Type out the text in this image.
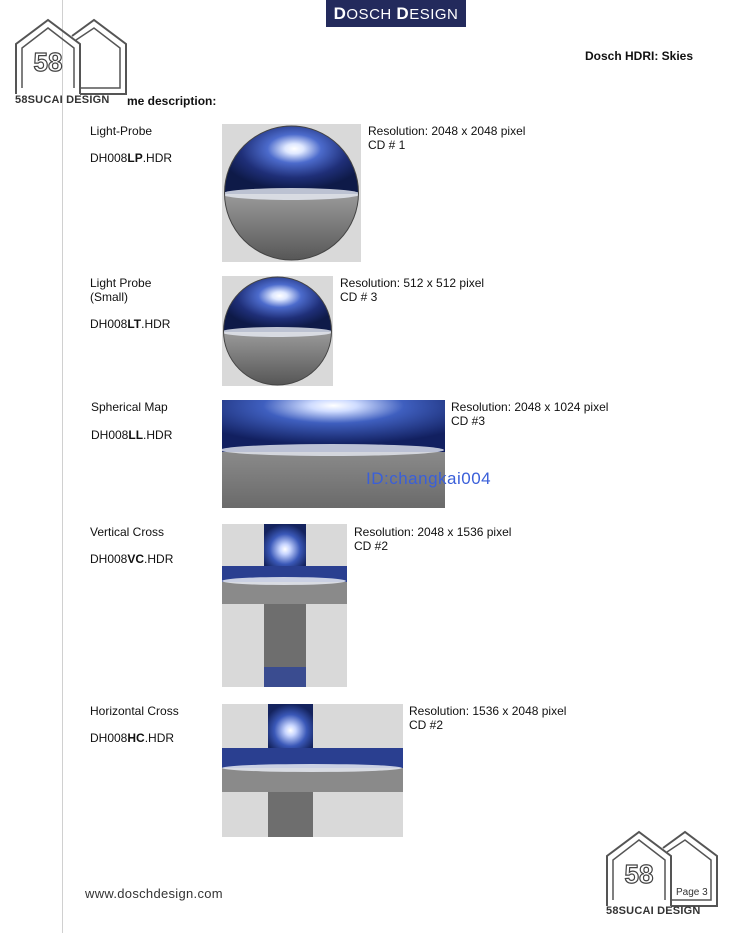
DOSCH DESIGN
Dosch HDRI: Skies
58
58SUCAI DESIGN me description:
Light-Probe
DH008LP.HDR
Resolution: 2048 x 2048 pixel
CD # 1
Light Probe
(Small)
DH008LT.HDR
Resolution: 512 x 512 pixel
CD # 3
Spherical Map
DH008LL.HDR
Resolution: 2048 x 1024 pixel
CD #3
ID:changkai004
Vertical Cross
DH008VC.HDR
Resolution: 2048 x 1536 pixel
CD #2
Horizontal Cross
DH008HC.HDR
Resolution: 1536 x 2048 pixel
CD #2
www.doschdesign.com	Page 3
58
58SUCAI DESIGN
